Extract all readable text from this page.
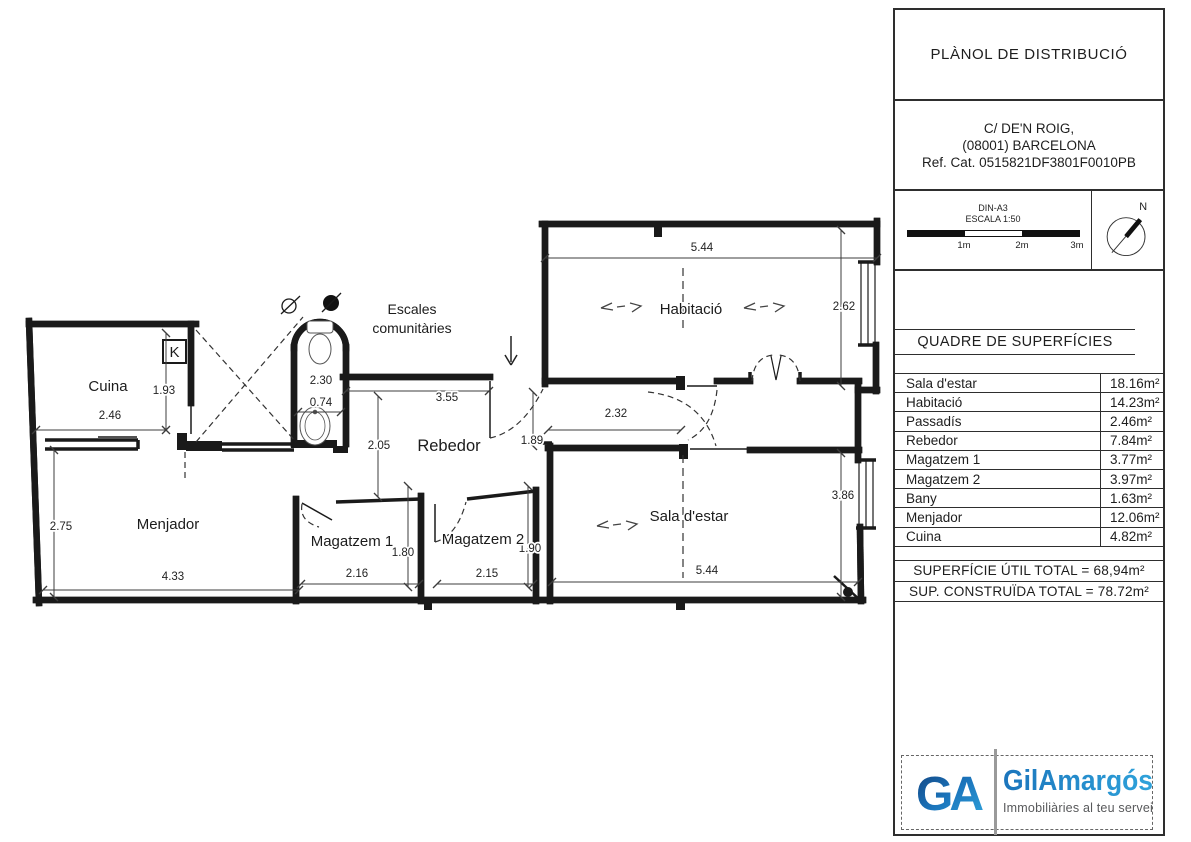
K
5.44
2.62
1.93
2.46
2.30
0.74	3.55
2.05	1.89
2.32
2.75
4.33
1.80
2.16
1.90
2.15	5.44
3.86
Cuina
Menjador
Magatzem 1	Magatzem 2
Rebedor
Habitació
Sala d'estar
Escales
comunitàries
PLÀNOL DE DISTRIBUCIÓ
C/ DE'N ROIG,
(08001) BARCELONA
Ref. Cat. 0515821DF3801F0010PB
DIN-A3
ESCALA 1:50
1m	2m	3m
N
QUADRE DE SUPERFÍCIES
Sala d'estar	18.16m²
Habitació	14.23m²
Passadís	2.46m²
Rebedor	7.84m²
Magatzem 1	3.77m²
Magatzem 2	3.97m²
Bany	1.63m²
Menjador	12.06m²
Cuina	4.82m²
SUPERFÍCIE ÚTIL TOTAL = 68,94m²
SUP. CONSTRUÏDA TOTAL = 78.72m²
GA GilAmargós
Immobiliàries al teu servei
